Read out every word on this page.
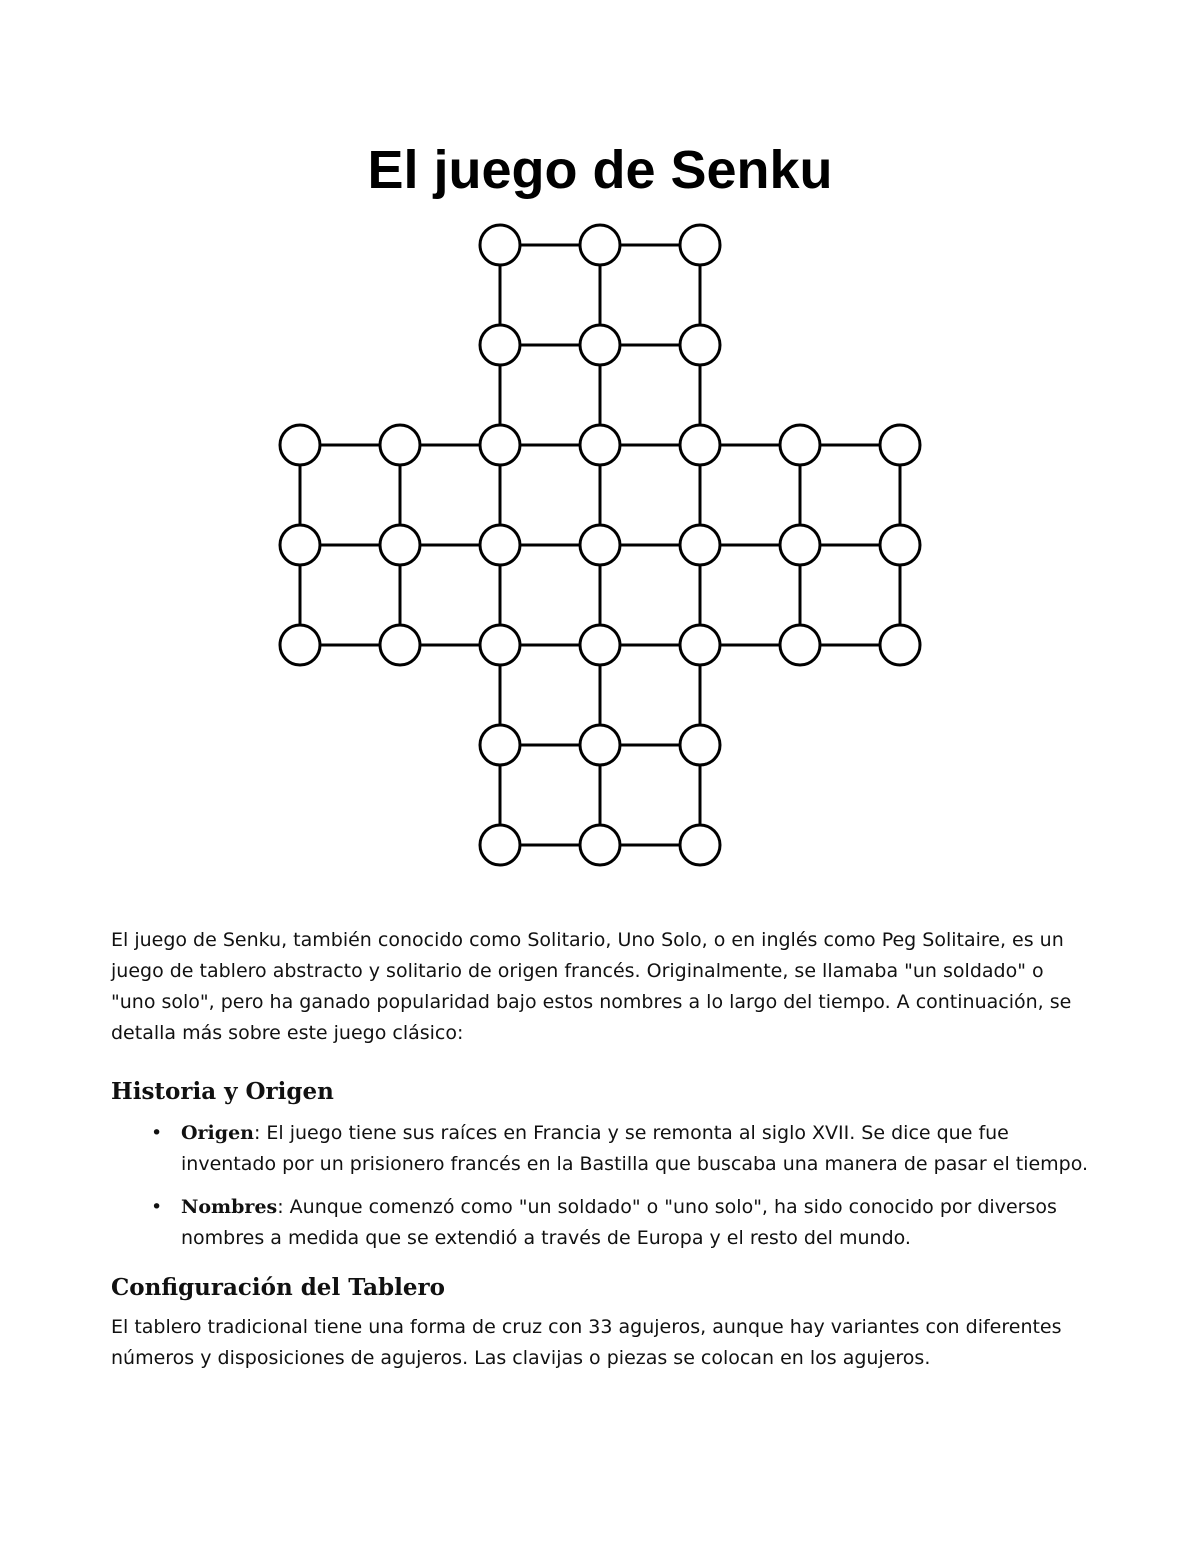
El juego de Senku

El juego de Senku, también conocido como Solitario, Uno Solo, o en inglés como Peg Solitaire, es un juego de tablero abstracto y solitario de origen francés. Originalmente, se llamaba "un soldado" o "uno solo", pero ha ganado popularidad bajo estos nombres a lo largo del tiempo. A continuación, se detalla más sobre este juego clásico:

Historia y Origen
• Origen: El juego tiene sus raíces en Francia y se remonta al siglo XVII. Se dice que fue inventado por un prisionero francés en la Bastilla que buscaba una manera de pasar el tiempo.
• Nombres: Aunque comenzó como "un soldado" o "uno solo", ha sido conocido por diversos nombres a medida que se extendió a través de Europa y el resto del mundo.
Configuración del Tablero

El tablero tradicional tiene una forma de cruz con 33 agujeros, aunque hay variantes con diferentes números y disposiciones de agujeros. Las clavijas o piezas se colocan en los agujeros.
